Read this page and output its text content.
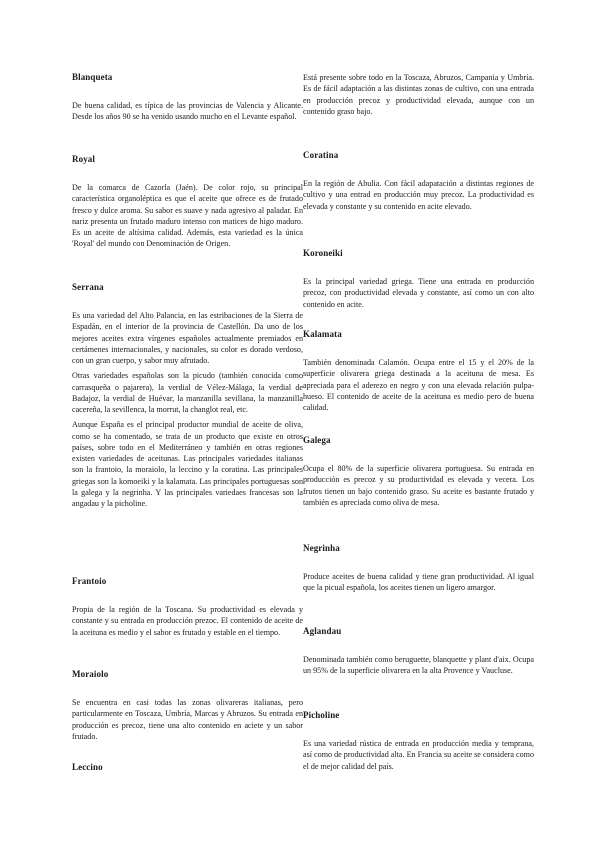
Blanqueta

De buena calidad, es típica de las provincias de Valencia y Alicante. Desde los años 90 se ha venido usando mucho en el Levante español.

Royal

De la comarca de Cazorla (Jaén). De color rojo, su principal característica organoléptica es que el aceite que ofrece es de frutado fresco y dulce aroma. Su sabor es suave y nada agresivo al paladar. En nariz presenta un frutado maduro intenso con matices de higo maduro. Es un aceite de altísima calidad. Además, esta variedad es la única 'Royal' del mundo con Denominación de Origen.

Serrana

Es una variedad del Alto Palancia, en las estribaciones de la Sierra de Espadán, en el interior de la provincia de Castellón. Da uno de los mejores aceites extra vírgenes españoles actualmente premiados en certámenes internacionales, y nacionales, su color es dorado verdoso, con un gran cuerpo, y sabor muy afrutado.

Otras variedades españolas son la picudo (también conocida como carrasqueña o pajarera), la verdial de Vélez-Málaga, la verdial de Badajoz, la verdial de Huévar, la manzanilla sevillana, la manzanilla cacereña, la sevillenca, la morrut, la changlot real, etc.

Aunque España es el principal productor mundial de aceite de oliva, como se ha comentado, se trata de un producto que existe en otros países, sobre todo en el Mediterráneo y también en otras regiones existen variedades de aceitunas. Las principales variedades italianas son la frantoio, la moraiolo, la leccino y la coratina. Las principales griegas son la komoeiki y la kalamata. Las principales portuguesas son la galega y la negrinha. Y las principales variedaes francesas son la angadau y la picholine.

Frantoio

Propia de la región de la Toscana. Su productividad es elevada y constante y su entrada en producción prezoc. El contenido de aceite de la aceituna es medio y el sabor es frutado y estable en el tiempo.

Moraiolo

Se encuentra en casi todas las zonas olivareras italianas, pero particularmente en Toscaza, Umbría, Marcas y Abruzos. Su entrada en producción es precoz, tiene una alto contenido en aciete y un sabor frutado.

Leccino

Está presente sobre todo en la Toscaza, Abruzos, Campania y Umbría. Es de fácil adaptación a las distintas zonas de cultivo, con una entrada en producción precoz y productividad elevada, aunque con un contenido graso bajo.

Coratina

En la región de Abulia. Con fácil adapatación a distintas regiones de cultivo y una entrad en producción muy precoz. La productividad es elevada y constante y su contenido en acite elevado.

Koroneiki

Es la principal variedad griega. Tiene una entrada en producción precoz, con productividad elevada y constante, así como un con alto contenido en acite.

Kalamata

También denominada Calamón. Ocupa entre el 15 y el 20% de la superficie olivarera griega destinada a la aceituna de mesa. Es apreciada para el aderezo en negro y con una elevada relación pulpa-hueso. El contenido de aceite de la aceituna es medio pero de buena calidad.

Galega

Ocupa el 80% de la superficie olivarera portuguesa. Su entrada en producción es precoz y su productividad es elevada y vecera. Los frutos tienen un bajo contenido graso. Su aceite es bastante frutado y también es apreciada como oliva de mesa.

Negrinha

Produce aceites de buena calidad y tiene gran productividad. Al igual que la picual española, los aceites tienen un ligero amargor.

Aglandau

Denominada también como beruguette, blanquette y plant d'aix. Ocupa un 95% de la superficie olivarera en la alta Provence y Vaucluse.

Picholine

Es una variedad rústica de entrada en producción media y temprana, así como de productividad alta. En Francia su aceite se considera como el de mejor calidad del país.
